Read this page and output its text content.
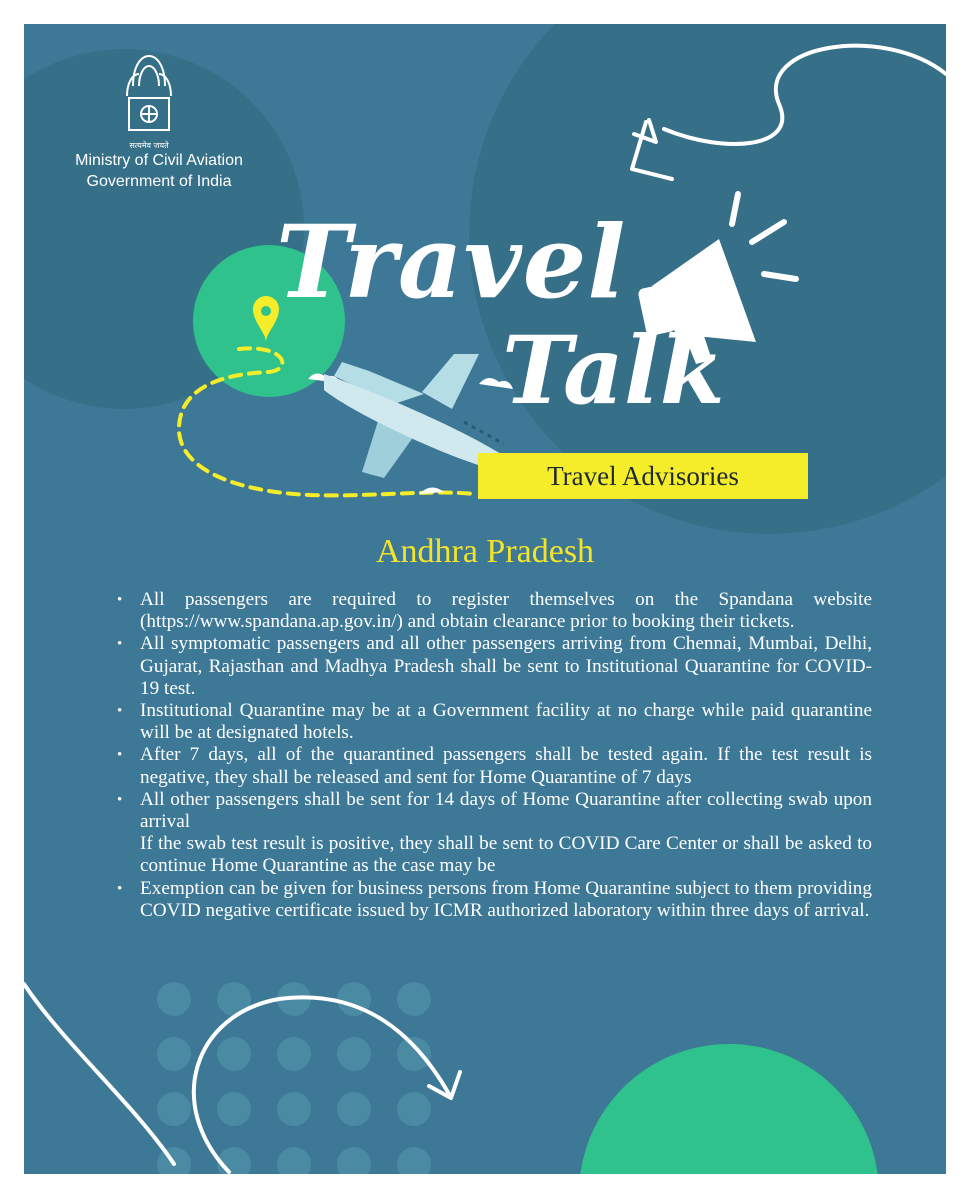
सत्यमेव जयते
Ministry of Civil Aviation
Government of India
Travel
Talk
Travel Advisories
Andhra Pradesh
• All passengers are required to register themselves on the Spandana website (https://www.spandana.ap.gov.in/) and obtain clearance prior to booking their tickets.
• All symptomatic passengers and all other passengers arriving from Chennai, Mumbai, Delhi, Gujarat, Rajasthan and Madhya Pradesh shall be sent to Institutional Quarantine for COVID-19 test.
• Institutional Quarantine may be at a Government facility at no charge while paid quarantine will be at designated hotels.
• After 7 days, all of the quarantined passengers shall be tested again. If the test result is negative, they shall be released and sent for Home Quarantine of 7 days
• All other passengers shall be sent for 14 days of Home Quarantine after collecting swab upon arrival
If the swab test result is positive, they shall be sent to COVID Care Center or shall be asked to continue Home Quarantine as the case may be
• Exemption can be given for business persons from Home Quarantine subject to them providing COVID negative certificate issued by ICMR authorized laboratory within three days of arrival.
